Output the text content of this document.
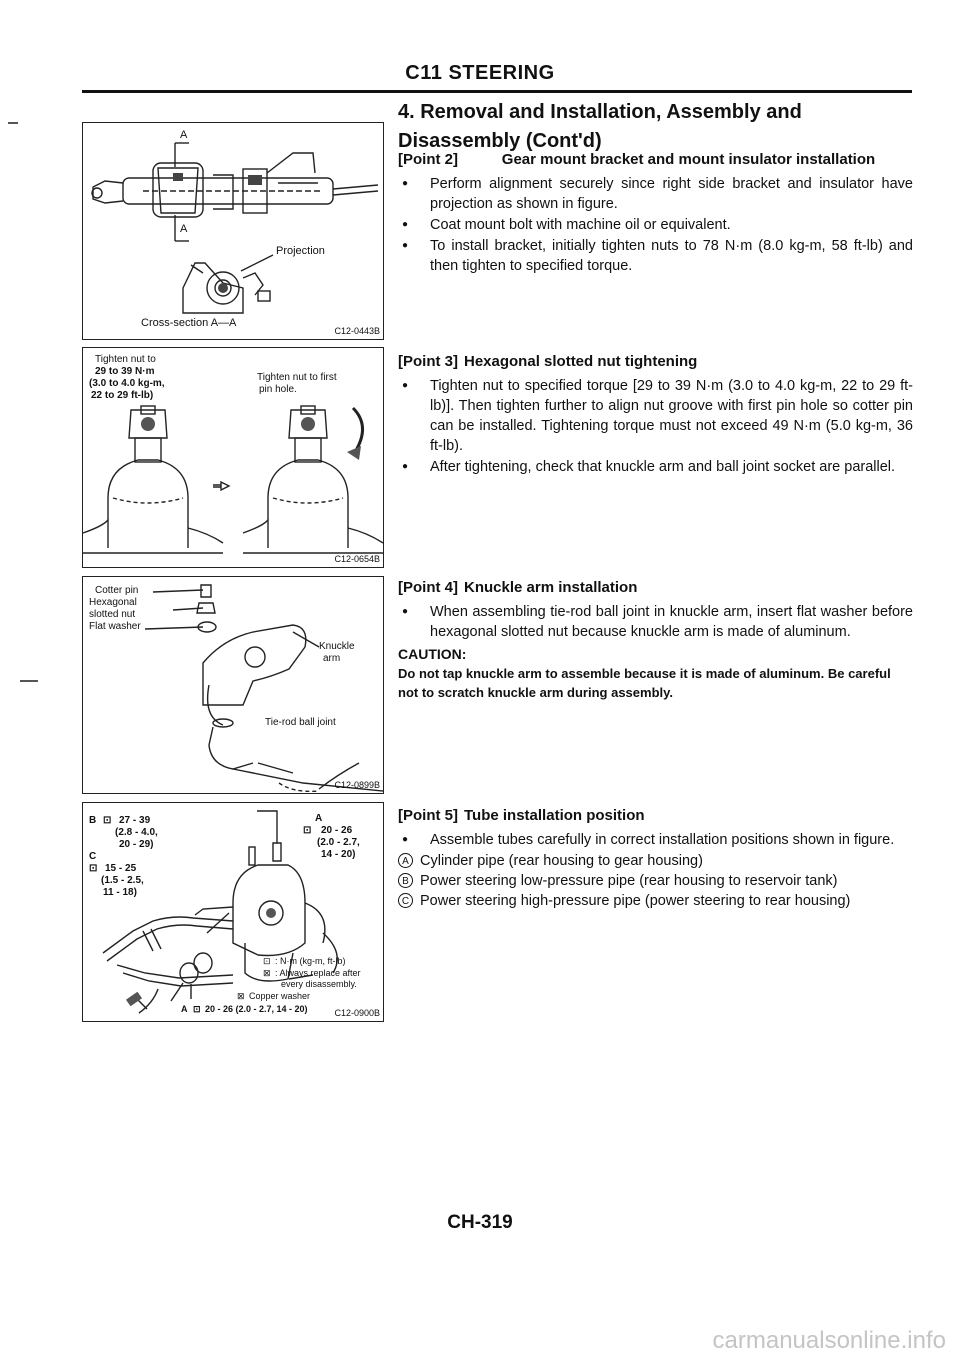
C11 STEERING
4. Removal and Installation, Assembly and Disassembly (Cont'd)
A
A
Projection
Cross-section A—A
C12-0443B
Tighten nut to
29 to 39 N·m
(3.0 to 4.0 kg-m,
22 to 29 ft-lb)
Tighten nut to first
pin hole.
C12-0654B
Cotter pin
Hexagonal
slotted nut
Flat washer
Knuckle
arm
Tie-rod ball joint
C12-0899B
B ⊡ 27 - 39
(2.8 - 4.0,
20 - 29)
A
⊡ 20 - 26
(2.0 - 2.7,
14 - 20)
C
⊡ 15 - 25
(1.5 - 2.5,
11 - 18)
⊡ : N·m (kg-m, ft-lb)
⊠ : Always replace after
every disassembly.
⊠ Copper washer
A ⊡ 20 - 26 (2.0 - 2.7, 14 - 20)	C12-0900B
[Point 2]	Gear mount bracket and mount insulator installation
● Perform alignment securely since right side bracket and insulator have projection as shown in figure.
● Coat mount bolt with machine oil or equivalent.
● To install bracket, initially tighten nuts to 78 N·m (8.0 kg-m, 58 ft-lb) and then tighten to specified torque.
[Point 3] Hexagonal slotted nut tightening
● Tighten nut to specified torque [29 to 39 N·m (3.0 to 4.0 kg-m, 22 to 29 ft-lb)]. Then tighten further to align nut groove with first pin hole so cotter pin can be installed. Tightening torque must not exceed 49 N·m (5.0 kg-m, 36 ft-lb).
● After tightening, check that knuckle arm and ball joint socket are parallel.
[Point 4] Knuckle arm installation
● When assembling tie-rod ball joint in knuckle arm, insert flat washer before hexagonal slotted nut because knuckle arm is made of aluminum.
CAUTION:
Do not tap knuckle arm to assemble because it is made of aluminum. Be careful not to scratch knuckle arm during assembly.
[Point 5] Tube installation position
● Assemble tubes carefully in correct installation positions shown in figure.
A Cylinder pipe (rear housing to gear housing)
B Power steering low-pressure pipe (rear housing to reservoir tank)
C Power steering high-pressure pipe (power steering to rear housing)
CH-319
carmanualsonline.info
